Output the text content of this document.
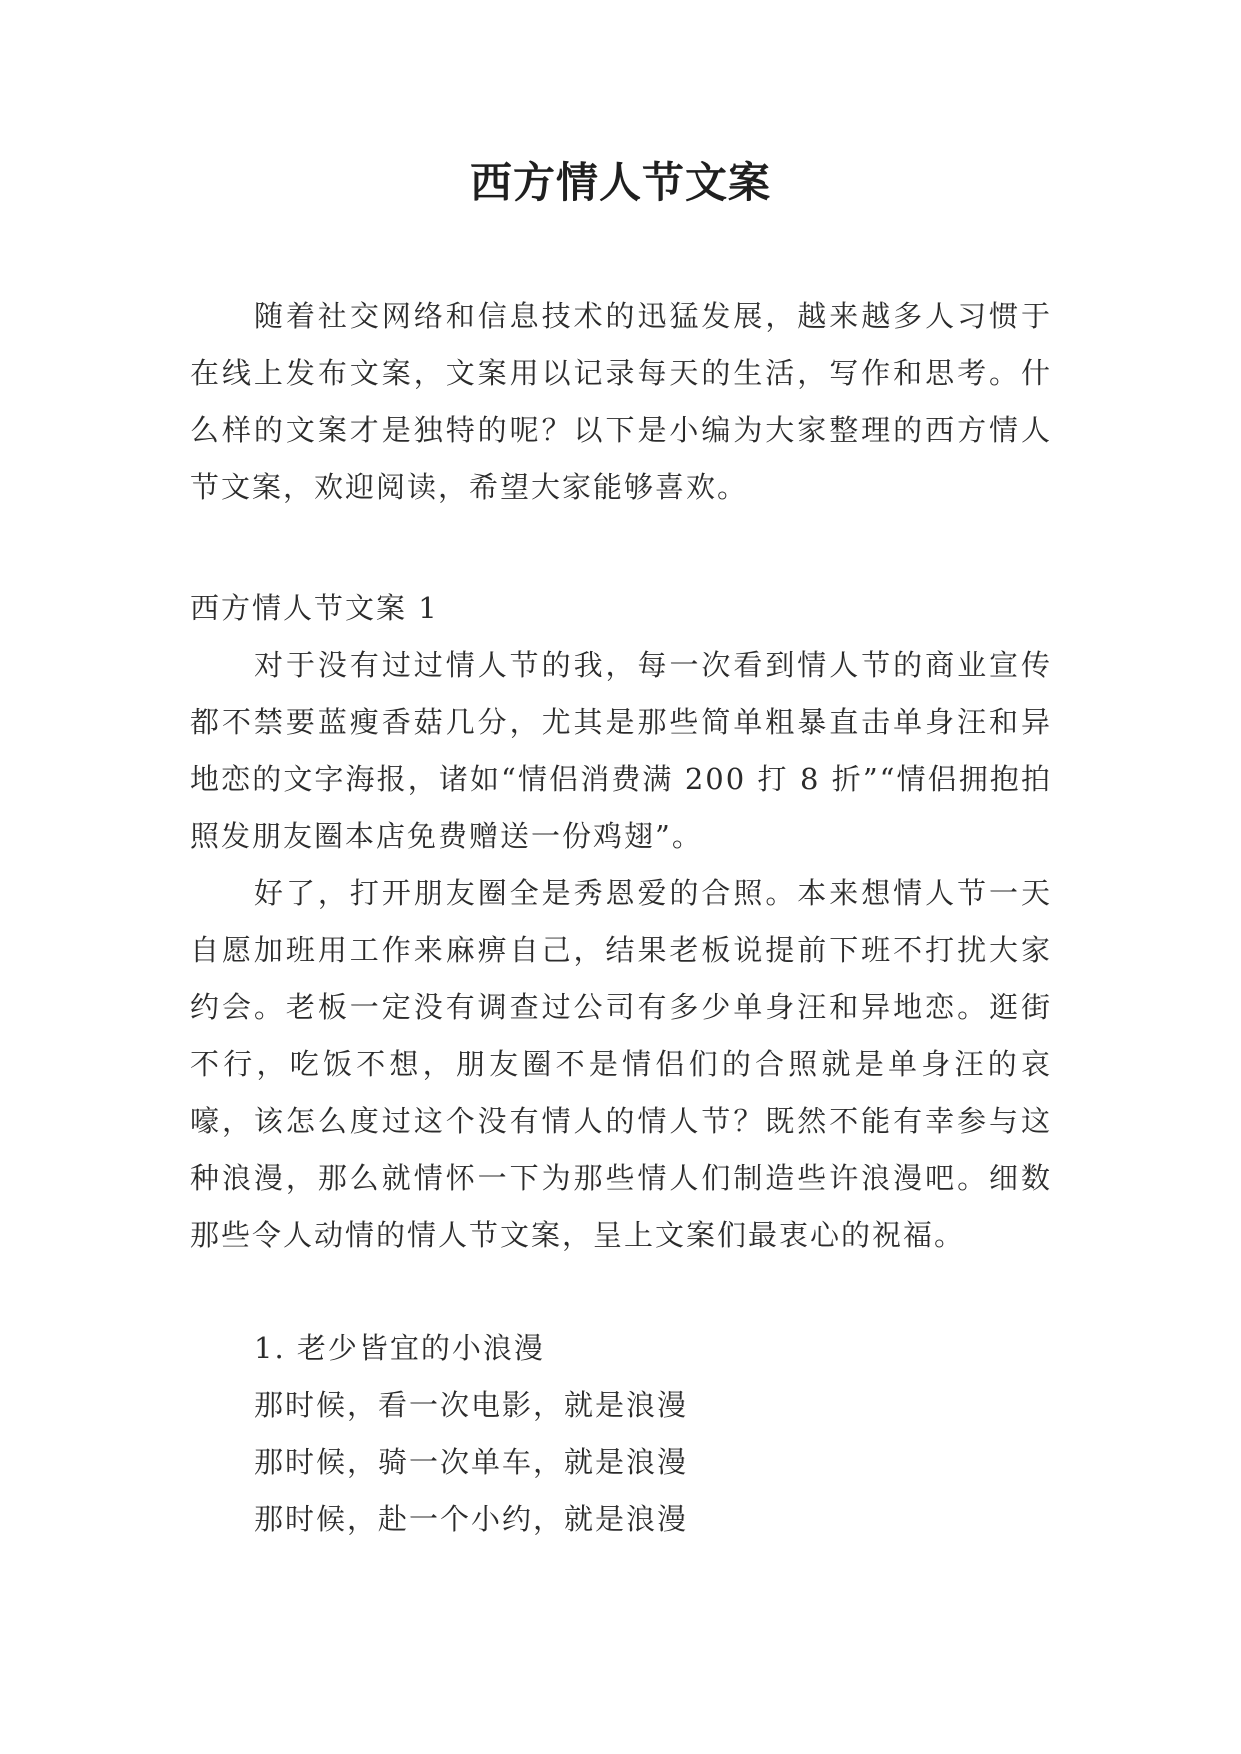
西方情人节文案

随着社交网络和信息技术的迅猛发展，越来越多人习惯于在线上发布文案，文案用以记录每天的生活，写作和思考。什么样的文案才是独特的呢？以下是小编为大家整理的西方情人节文案，欢迎阅读，希望大家能够喜欢。

西方情人节文案 1

对于没有过过情人节的我，每一次看到情人节的商业宣传都不禁要蓝瘦香菇几分，尤其是那些简单粗暴直击单身汪和异地恋的文字海报，诸如“情侣消费满 200 打 8 折”“情侣拥抱拍照发朋友圈本店免费赠送一份鸡翅”。

好了，打开朋友圈全是秀恩爱的合照。本来想情人节一天自愿加班用工作来麻痹自己，结果老板说提前下班不打扰大家约会。老板一定没有调查过公司有多少单身汪和异地恋。逛街不行，吃饭不想，朋友圈不是情侣们的合照就是单身汪的哀嚎，该怎么度过这个没有情人的情人节？既然不能有幸参与这种浪漫，那么就情怀一下为那些情人们制造些许浪漫吧。细数那些令人动情的情人节文案，呈上文案们最衷心的祝福。

1. 老少皆宜的小浪漫

那时候，看一次电影，就是浪漫

那时候，骑一次单车，就是浪漫

那时候，赴一个小约，就是浪漫
